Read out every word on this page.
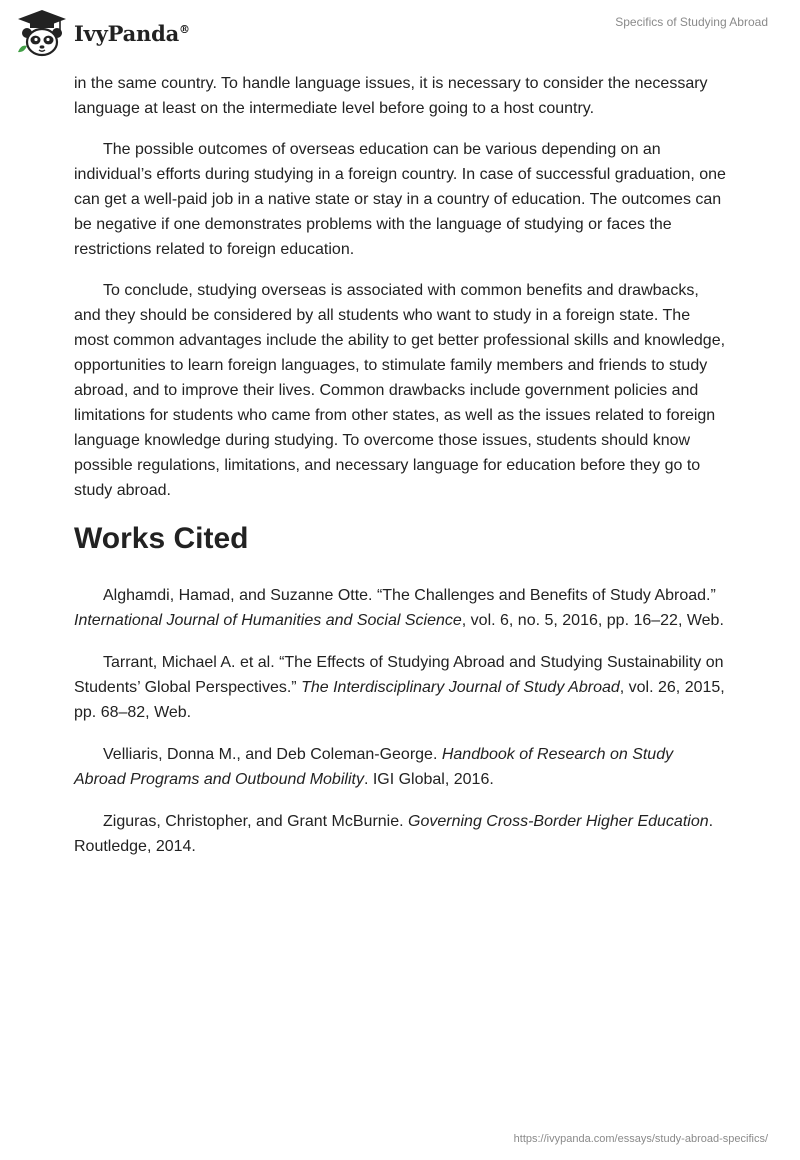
IvyPanda®	Specifics of Studying Abroad

in the same country. To handle language issues, it is necessary to consider the necessary language at least on the intermediate level before going to a host country.

The possible outcomes of overseas education can be various depending on an individual’s efforts during studying in a foreign country. In case of successful graduation, one can get a well-paid job in a native state or stay in a country of education. The outcomes can be negative if one demonstrates problems with the language of studying or faces the restrictions related to foreign education.

To conclude, studying overseas is associated with common benefits and drawbacks, and they should be considered by all students who want to study in a foreign state. The most common advantages include the ability to get better professional skills and knowledge, opportunities to learn foreign languages, to stimulate family members and friends to study abroad, and to improve their lives. Common drawbacks include government policies and limitations for students who came from other states, as well as the issues related to foreign language knowledge during studying. To overcome those issues, students should know possible regulations, limitations, and necessary language for education before they go to study abroad.

Works Cited

Alghamdi, Hamad, and Suzanne Otte. “The Challenges and Benefits of Study Abroad.” International Journal of Humanities and Social Science, vol. 6, no. 5, 2016, pp. 16–22, Web.

Tarrant, Michael A. et al. “The Effects of Studying Abroad and Studying Sustainability on Students’ Global Perspectives.” The Interdisciplinary Journal of Study Abroad, vol. 26, 2015, pp. 68–82, Web.

Velliaris, Donna M., and Deb Coleman-George. Handbook of Research on Study Abroad Programs and Outbound Mobility. IGI Global, 2016.

Ziguras, Christopher, and Grant McBurnie. Governing Cross-Border Higher Education. Routledge, 2014.

https://ivypanda.com/essays/study-abroad-specifics/
